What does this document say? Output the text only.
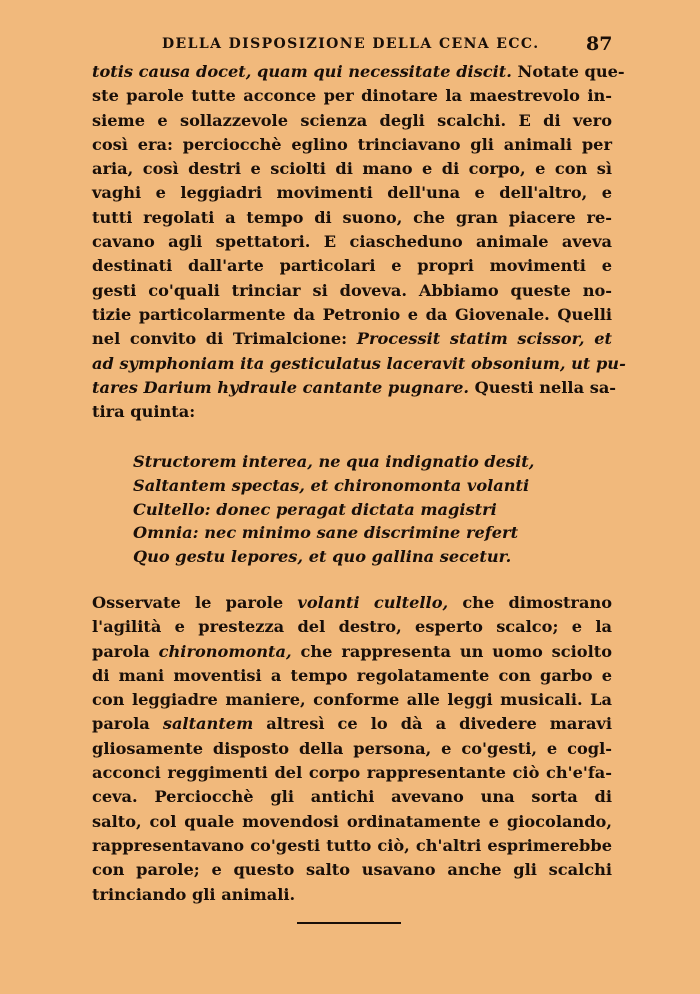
DELLA DISPOSIZIONE DELLA CENA ECC. 87
totis causa docet, quam qui necessitate discit. Notate que-
ste parole tutte acconce per dinotare la maestrevolo in-
sieme e sollazzevole scienza degli scalchi. E di vero
così era: perciocchè eglino trinciavano gli animali per
aria, così destri e sciolti di mano e di corpo, e con sì
vaghi e leggiadri movimenti dell'una e dell'altro, e
tutti regolati a tempo di suono, che gran piacere re-
cavano agli spettatori. E ciascheduno animale aveva
destinati dall'arte particolari e propri movimenti e
gesti co'quali trinciar si doveva. Abbiamo queste no-
tizie particolarmente da Petronio e da Giovenale. Quelli
nel convito di Trimalcione: Processit statim scissor, et
ad symphoniam ita gesticulatus laceravit obsonium, ut pu-
tares Darium hydraule cantante pugnare. Questi nella sa-
tira quinta:
Structorem interea, ne qua indignatio desit,
Saltantem spectas, et chironomonta volanti
Cultello: donec peragat dictata magistri
Omnia: nec minimo sane discrimine refert
Quo gestu lepores, et quo gallina secetur.
Osservate le parole volanti cultello, che dimostrano
l'agilità e prestezza del destro, esperto scalco; e la
parola chironomonta, che rappresenta un uomo sciolto
di mani moventisi a tempo regolatamente con garbo e
con leggiadre maniere, conforme alle leggi musicali. La
parola saltantem altresì ce lo dà a divedere maravi
gliosamente disposto della persona, e co'gesti, e cogl-
acconci reggimenti del corpo rappresentante ciò ch'e'fa-
ceva. Perciocchè gli antichi avevano una sorta di
salto, col quale movendosi ordinatamente e giocolando,
rappresentavano co'gesti tutto ciò, ch'altri esprimerebbe
con parole; e questo salto usavano anche gli scalchi
trinciando gli animali.
